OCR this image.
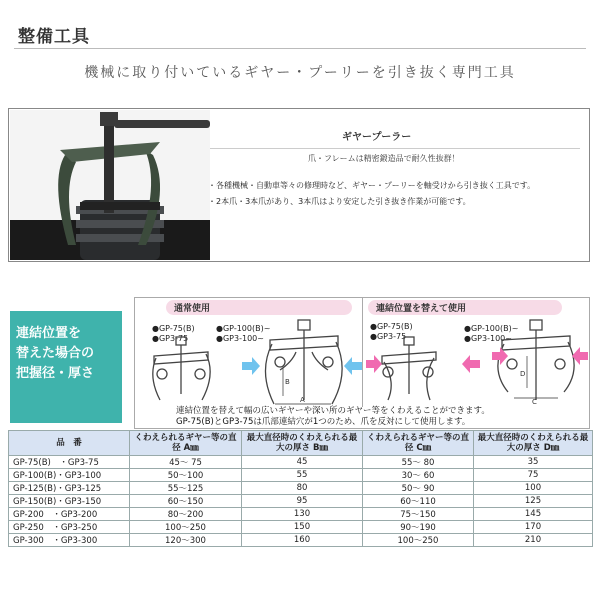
整備工具
機械に取り付いているギヤー・プーリーを引き抜く専門工具
ギヤープーラー
爪・フレームは精密鍛造品で耐久性抜群！
・ 各種機械・自動車等々の修理時など、ギヤー・プーリーを軸受けから引き抜く工具です。
・ 2本爪・3本爪があり、3本爪はより安定した引き抜き作業が可能です。
連結位置を
替えた場合の
把握径・厚さ
通常使用	連結位置を替えて使用
●GP-75(B)
●GP3-75
●GP-100(B)~
●GP3-100~
●GP-75(B)
●GP3-75
●GP-100(B)~
●GP3-100~
A
B
C
D
連結位置を替えて幅の広いギヤーや深い所のギヤー等をくわえることができます。
GP-75(B)とGP3-75は爪部連結穴が1つのため、爪を反対にして使用します。
品　番	くわえられるギヤー等の直径 A㎜	最大直径時のくわえられる最大の厚さ B㎜	くわえられるギヤー等の直径 C㎜	最大直径時のくわえられる最大の厚さ D㎜
GP-75(B)　・GP3-75	45～ 75	45	55～ 80	35
GP-100(B)・GP3-100	50～100	55	30～ 60	75
GP-125(B)・GP3-125	55～125	80	50～ 90	100
GP-150(B)・GP3-150	60～150	95	60～110	125
GP-200　・GP3-200	80～200	130	75～150	145
GP-250　・GP3-250	100～250	150	90～190	170
GP-300　・GP3-300	120～300	160	100～250	210
